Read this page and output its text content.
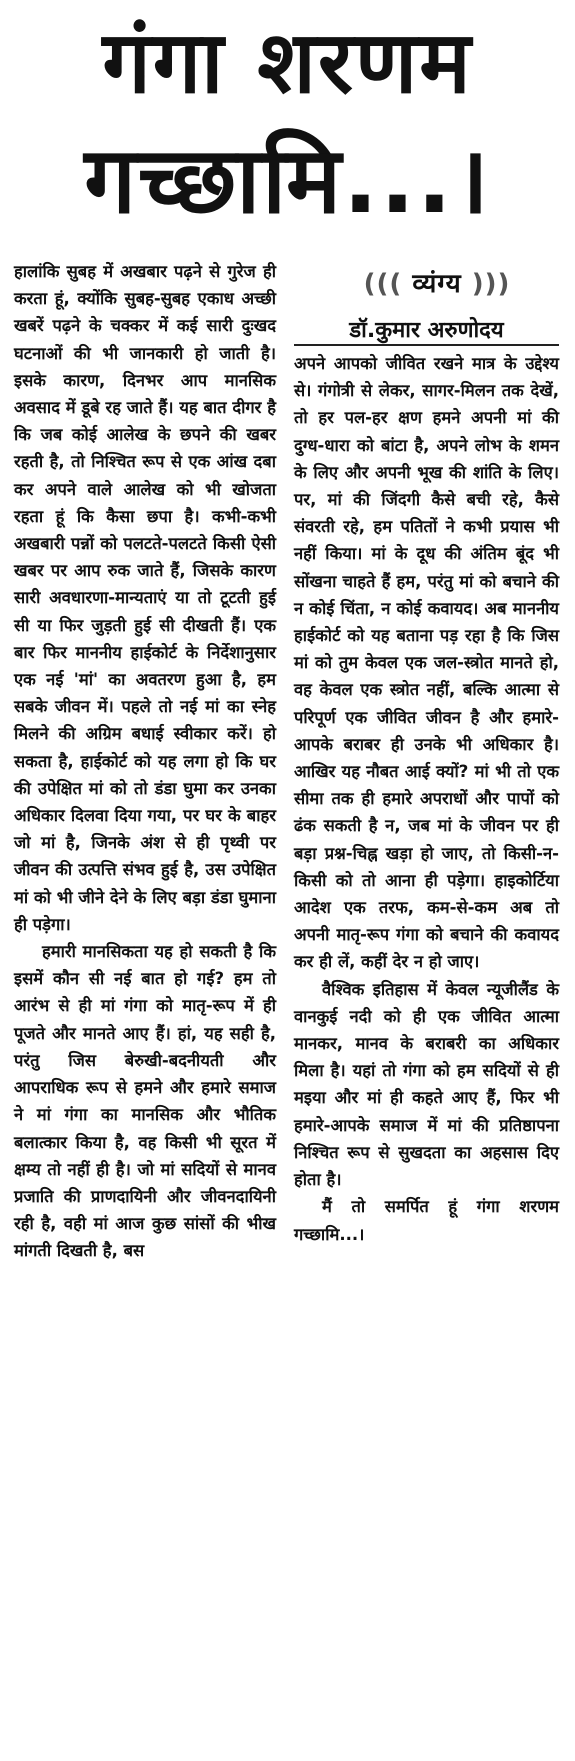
गंगा शरणम
गच्छामि...।

हालांकि सुबह में अखबार पढ़ने से गुरेज ही करता हूं, क्योंकि सुबह-सुबह एकाध अच्छी खबरें पढ़ने के चक्कर में कई सारी दुःखद घटनाओं की भी जानकारी हो जाती है। इसके कारण, दिनभर आप मानसिक अवसाद में डूबे रह जाते हैं। यह बात दीगर है कि जब कोई आलेख के छपने की खबर रहती है, तो निश्चित रूप से एक आंख दबा कर अपने वाले आलेख को भी खोजता रहता हूं कि कैसा छपा है। कभी-कभी अखबारी पन्नों को पलटते-पलटते किसी ऐसी खबर पर आप रुक जाते हैं, जिसके कारण सारी अवधारणा-मान्यताएं या तो टूटती हुई सी या फिर जुड़ती हुई सी दीखती हैं। एक बार फिर माननीय हाईकोर्ट के निर्देशानुसार एक नई 'मां' का अवतरण हुआ है, हम सबके जीवन में। पहले तो नई मां का स्नेह मिलने की अग्रिम बधाई स्वीकार करें। हो सकता है, हाईकोर्ट को यह लगा हो कि घर की उपेक्षित मां को तो डंडा घुमा कर उनका अधिकार दिलवा दिया गया, पर घर के बाहर जो मां है, जिनके अंश से ही पृथ्वी पर जीवन की उत्पत्ति संभव हुई है, उस उपेक्षित मां को भी जीने देने के लिए बड़ा डंडा घुमाना ही पड़ेगा।

हमारी मानसिकता यह हो सकती है कि इसमें कौन सी नई बात हो गई? हम तो आरंभ से ही मां गंगा को मातृ-रूप में ही पूजते और मानते आए हैं। हां, यह सही है, परंतु जिस बेरुखी-बदनीयती और आपराधिक रूप से हमने और हमारे समाज ने मां गंगा का मानसिक और भौतिक बलात्कार किया है, वह किसी भी सूरत में क्षम्य तो नहीं ही है। जो मां सदियों से मानव प्रजाति की प्राणदायिनी और जीवनदायिनी रही है, वही मां आज कुछ सांसों की भीख मांगती दिखती है, बस

((( व्यंग्य )))
डॉ.कुमार अरुणोदय

अपने आपको जीवित रखने मात्र के उद्देश्य से। गंगोत्री से लेकर, सागर-मिलन तक देखें, तो हर पल-हर क्षण हमने अपनी मां की दुग्ध-धारा को बांटा है, अपने लोभ के शमन के लिए और अपनी भूख की शांति के लिए। पर, मां की जिंदगी कैसे बची रहे, कैसे संवरती रहे, हम पतितों ने कभी प्रयास भी नहीं किया। मां के दूध की अंतिम बूंद भी सोंखना चाहते हैं हम, परंतु मां को बचाने की न कोई चिंता, न कोई कवायद। अब माननीय हाईकोर्ट को यह बताना पड़ रहा है कि जिस मां को तुम केवल एक जल-स्त्रोत मानते हो, वह केवल एक स्त्रोत नहीं, बल्कि आत्मा से परिपूर्ण एक जीवित जीवन है और हमारे-आपके बराबर ही उनके भी अधिकार है। आखिर यह नौबत आई क्यों? मां भी तो एक सीमा तक ही हमारे अपराधों और पापों को ढंक सकती है न, जब मां के जीवन पर ही बड़ा प्रश्न-चिह्न खड़ा हो जाए, तो किसी-न-किसी को तो आना ही पड़ेगा। हाइकोर्टिया आदेश एक तरफ, कम-से-कम अब तो अपनी मातृ-रूप गंगा को बचाने की कवायद कर ही लें, कहीं देर न हो जाए।

वैश्विक इतिहास में केवल न्यूजीलैंड के वानकुई नदी को ही एक जीवित आत्मा मानकर, मानव के बराबरी का अधिकार मिला है। यहां तो गंगा को हम सदियों से ही मइया और मां ही कहते आए हैं, फिर भी हमारे-आपके समाज में मां की प्रतिष्ठापना निश्चित रूप से सुखदता का अहसास दिए होता है।

मैं तो समर्पित हूं गंगा शरणम गच्छामि...।
